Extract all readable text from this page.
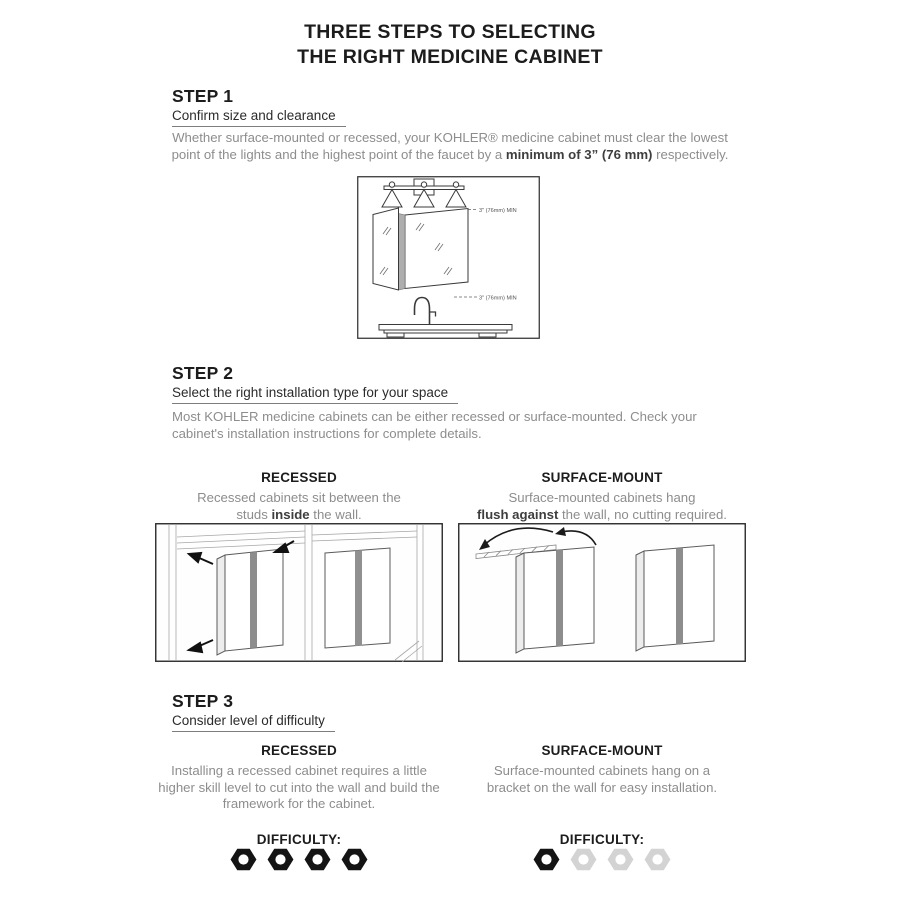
THREE STEPS TO SELECTING
THE RIGHT MEDICINE CABINET
STEP 1
Confirm size and clearance
Whether surface-mounted or recessed, your KOHLER® medicine cabinet must clear the lowest point of the lights and the highest point of the faucet by a minimum of 3” (76 mm) respectively.
3" (76mm) MIN
3" (76mm) MIN
STEP 2
Select the right installation type for your space
Most KOHLER medicine cabinets can be either recessed or surface-mounted. Check your cabinet's installation instructions for complete details.
RECESSED	SURFACE-MOUNT
Recessed cabinets sit between the
studs inside the wall.
Surface-mounted cabinets hang
flush against the wall, no cutting required.
STEP 3
Consider level of difficulty
RECESSED	SURFACE-MOUNT
Installing a recessed cabinet requires a little higher skill level to cut into the wall and build the framework for the cabinet.
Surface-mounted cabinets hang on a bracket on the wall for easy installation.
DIFFICULTY:	DIFFICULTY:
